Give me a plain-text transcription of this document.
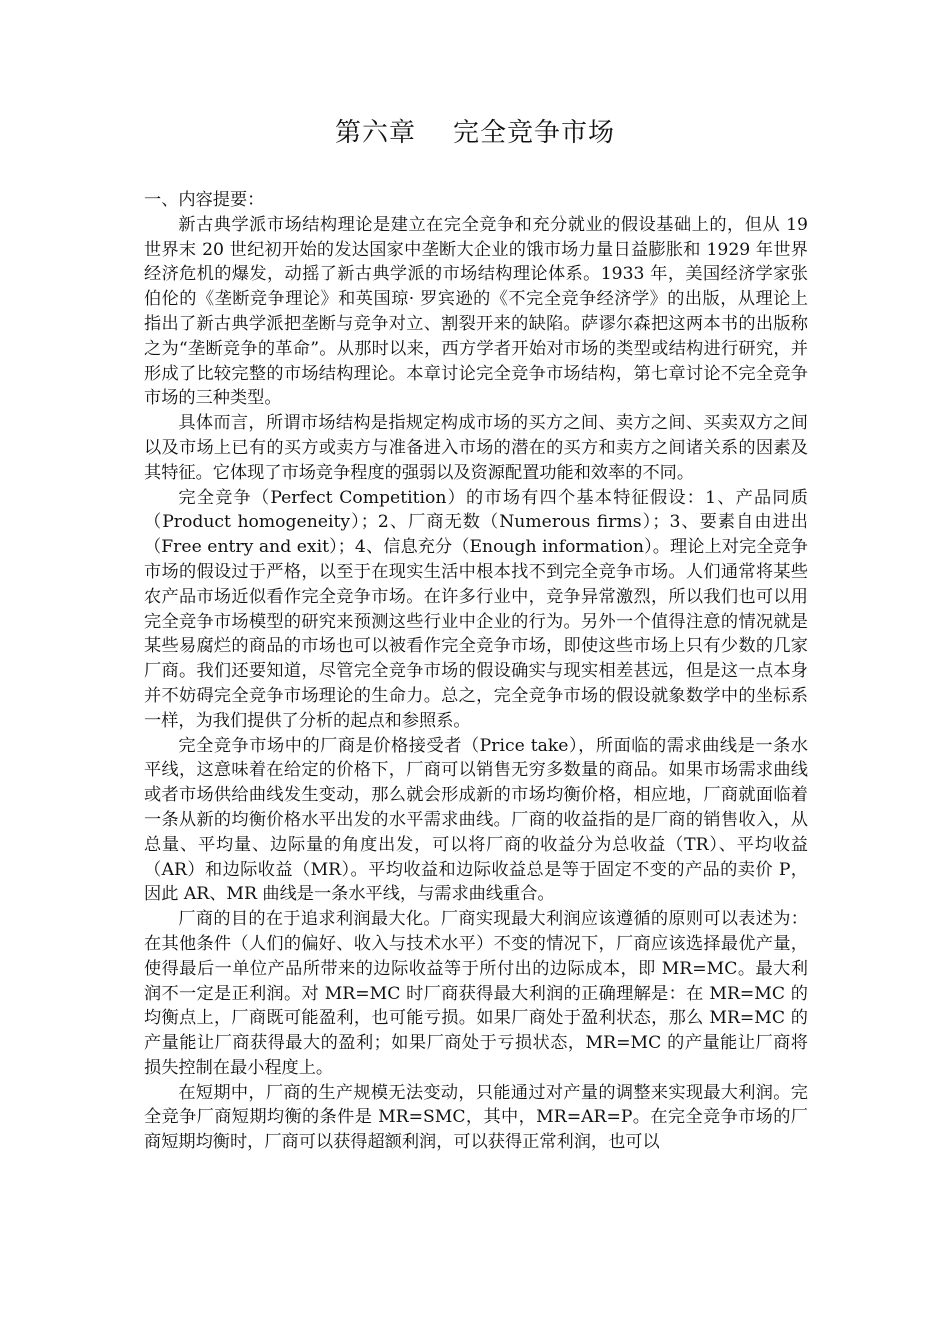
第六章    完全竞争市场

一、内容提要：

新古典学派市场结构理论是建立在完全竞争和充分就业的假设基础上的，但从 19 世界末 20 世纪初开始的发达国家中垄断大企业的饿市场力量日益膨胀和 1929 年世界经济危机的爆发，动摇了新古典学派的市场结构理论体系。1933 年，美国经济学家张伯伦的《垄断竞争理论》和英国琼· 罗宾逊的《不完全竞争经济学》的出版，从理论上指出了新古典学派把垄断与竞争对立、割裂开来的缺陷。萨谬尔森把这两本书的出版称之为“垄断竞争的革命”。从那时以来，西方学者开始对市场的类型或结构进行研究，并形成了比较完整的市场结构理论。本章讨论完全竞争市场结构，第七章讨论不完全竞争市场的三种类型。

具体而言，所谓市场结构是指规定构成市场的买方之间、卖方之间、买卖双方之间以及市场上已有的买方或卖方与准备进入市场的潜在的买方和卖方之间诸关系的因素及其特征。它体现了市场竞争程度的强弱以及资源配置功能和效率的不同。

完全竞争（Perfect Competition）的市场有四个基本特征假设：1、产品同质（Product homogeneity）；2、厂商无数（Numerous firms）；3、要素自由进出（Free entry and exit）；4、信息充分（Enough information）。理论上对完全竞争市场的假设过于严格，以至于在现实生活中根本找不到完全竞争市场。人们通常将某些农产品市场近似看作完全竞争市场。在许多行业中，竞争异常激烈，所以我们也可以用完全竞争市场模型的研究来预测这些行业中企业的行为。另外一个值得注意的情况就是某些易腐烂的商品的市场也可以被看作完全竞争市场，即使这些市场上只有少数的几家厂商。我们还要知道，尽管完全竞争市场的假设确实与现实相差甚远，但是这一点本身并不妨碍完全竞争市场理论的生命力。总之，完全竞争市场的假设就象数学中的坐标系一样，为我们提供了分析的起点和参照系。

完全竞争市场中的厂商是价格接受者（Price take），所面临的需求曲线是一条水平线，这意味着在给定的价格下，厂商可以销售无穷多数量的商品。如果市场需求曲线或者市场供给曲线发生变动，那么就会形成新的市场均衡价格，相应地，厂商就面临着一条从新的均衡价格水平出发的水平需求曲线。厂商的收益指的是厂商的销售收入，从总量、平均量、边际量的角度出发，可以将厂商的收益分为总收益（TR）、平均收益（AR）和边际收益（MR）。平均收益和边际收益总是等于固定不变的产品的卖价 P，因此 AR、MR 曲线是一条水平线，与需求曲线重合。

厂商的目的在于追求利润最大化。厂商实现最大利润应该遵循的原则可以表述为：在其他条件（人们的偏好、收入与技术水平）不变的情况下，厂商应该选择最优产量，使得最后一单位产品所带来的边际收益等于所付出的边际成本，即 MR=MC。最大利润不一定是正利润。对 MR=MC 时厂商获得最大利润的正确理解是：在 MR=MC 的均衡点上，厂商既可能盈利，也可能亏损。如果厂商处于盈利状态，那么 MR=MC 的产量能让厂商获得最大的盈利；如果厂商处于亏损状态，MR=MC 的产量能让厂商将损失控制在最小程度上。

在短期中，厂商的生产规模无法变动，只能通过对产量的调整来实现最大利润。完全竞争厂商短期均衡的条件是 MR=SMC，其中，MR=AR=P。在完全竞争市场的厂商短期均衡时，厂商可以获得超额利润，可以获得正常利润，也可以
